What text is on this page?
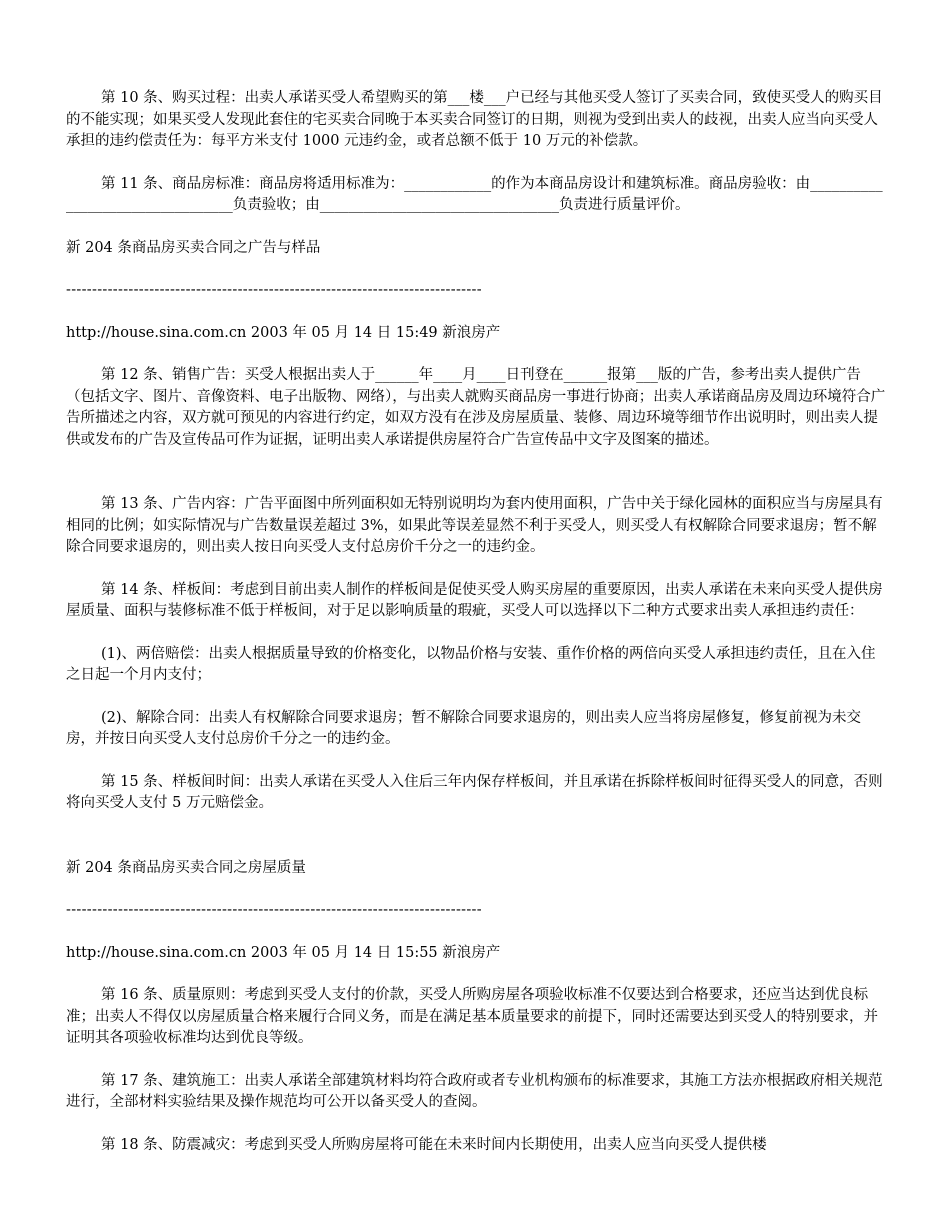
第 10 条、购买过程：出卖人承诺买受人希望购买的第___楼___户已经与其他买受人签订了买卖合同，致使买受人的购买目的不能实现；如果买受人发现此套住的宅买卖合同晚于本买卖合同签订的日期，则视为受到出卖人的歧视，出卖人应当向买受人承担的违约偿责任为：每平方米支付 1000 元违约金，或者总额不低于 10 万元的补偿款。

第 11 条、商品房标准：商品房将适用标准为：____________的作为本商品房设计和建筑标准。商品房验收：由_________________________________负责验收；由_________________________________负责进行质量评价。

新 204 条商品房买卖合同之广告与样品

--------------------------------------------------------------------------------

http://house.sina.com.cn 2003 年 05 月 14 日 15:49 新浪房产

第 12 条、销售广告：买受人根据出卖人于______年____月____日刊登在______报第___版的广告，参考出卖人提供广告（包括文字、图片、音像资料、电子出版物、网络），与出卖人就购买商品房一事进行协商；出卖人承诺商品房及周边环境符合广告所描述之内容，双方就可预见的内容进行约定，如双方没有在涉及房屋质量、装修、周边环境等细节作出说明时，则出卖人提供或发布的广告及宣传品可作为证据，证明出卖人承诺提供房屋符合广告宣传品中文字及图案的描述。

第 13 条、广告内容：广告平面图中所列面积如无特别说明均为套内使用面积，广告中关于绿化园林的面积应当与房屋具有相同的比例；如实际情况与广告数量误差超过 3%，如果此等误差显然不利于买受人，则买受人有权解除合同要求退房；暂不解除合同要求退房的，则出卖人按日向买受人支付总房价千分之一的违约金。

第 14 条、样板间：考虑到目前出卖人制作的样板间是促使买受人购买房屋的重要原因，出卖人承诺在未来向买受人提供房屋质量、面积与装修标准不低于样板间，对于足以影响质量的瑕疵，买受人可以选择以下二种方式要求出卖人承担违约责任：

(1)、两倍赔偿：出卖人根据质量导致的价格变化，以物品价格与安装、重作价格的两倍向买受人承担违约责任，且在入住之日起一个月内支付；

(2)、解除合同：出卖人有权解除合同要求退房；暂不解除合同要求退房的，则出卖人应当将房屋修复，修复前视为未交房，并按日向买受人支付总房价千分之一的违约金。

第 15 条、样板间时间：出卖人承诺在买受人入住后三年内保存样板间，并且承诺在拆除样板间时征得买受人的同意，否则将向买受人支付 5 万元赔偿金。

新 204 条商品房买卖合同之房屋质量

--------------------------------------------------------------------------------

http://house.sina.com.cn 2003 年 05 月 14 日 15:55 新浪房产

第 16 条、质量原则：考虑到买受人支付的价款，买受人所购房屋各项验收标准不仅要达到合格要求，还应当达到优良标准；出卖人不得仅以房屋质量合格来履行合同义务，而是在满足基本质量要求的前提下，同时还需要达到买受人的特别要求，并证明其各项验收标准均达到优良等级。

第 17 条、建筑施工：出卖人承诺全部建筑材料均符合政府或者专业机构颁布的标准要求，其施工方法亦根据政府相关规范进行，全部材料实验结果及操作规范均可公开以备买受人的查阅。

第 18 条、防震减灾：考虑到买受人所购房屋将可能在未来时间内长期使用，出卖人应当向买受人提供楼
